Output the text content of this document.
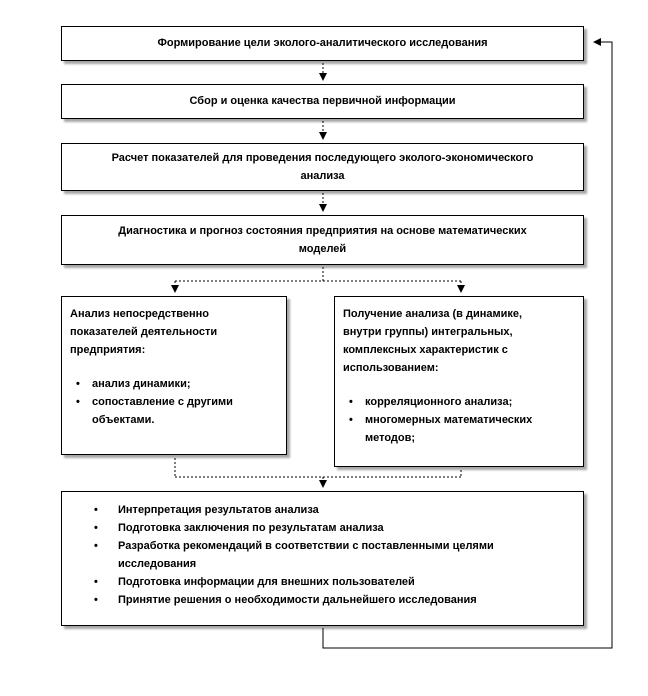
Формирование цели эколого-аналитического исследования
Сбор и оценка качества первичной информации
Расчет показателей для проведения последующего эколого-экономического
анализа
Диагностика и прогноз состояния предприятия на основе математических
моделей
Анализ непосредственно
показателей деятельности
предприятия:
• анализ динамики;
• сопоставление с другими
объектами.
Получение анализа (в динамике,
внутри группы) интегральных,
комплексных характеристик с
использованием:
• корреляционного анализа;
• многомерных математических
методов;
• Интерпретация результатов анализа
• Подготовка заключения по результатам анализа
• Разработка рекомендаций в соответствии с поставленными целями
исследования
• Подготовка информации для внешних пользователей
• Принятие решения о необходимости дальнейшего исследования
